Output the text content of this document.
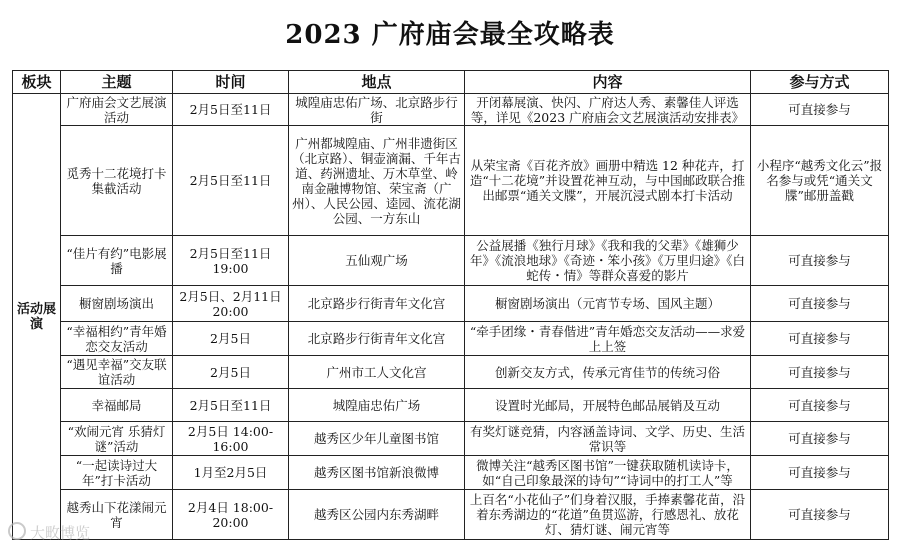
2023 广府庙会最全攻略表
板块	主题	时间	地点	内容	参与方式
活动展演	广府庙会文艺展演活动	2月5日至11日	城隍庙忠佑广场、北京路步行街	开闭幕展演、快闪、广府达人秀、素馨佳人评选等，详见《2023 广府庙会文艺展演活动安排表》	可直接参与
	觅秀十二花境打卡集截活动	2月5日至11日	广州都城隍庙、广州非遗街区（北京路）、铜壶滴漏、千年古道、药洲遗址、万木草堂、岭南金融博物馆、荣宝斋（广州）、人民公园、逵园、流花湖公园、一方东山	从荣宝斋《百花齐放》画册中精选 12 种花卉，打造“十二花境”并设置花神互动，与中国邮政联合推出邮票“通关文牒”，开展沉浸式剧本打卡活动	小程序“越秀文化云”报名参与或凭“通关文牒”邮册盖戳
	“佳片有约”电影展播	2月5日至11日 19:00	五仙观广场	公益展播《独行月球》《我和我的父辈》《雄狮少年》《流浪地球》《奇迹・笨小孩》《万里归途》《白蛇传・情》等群众喜爱的影片	可直接参与
	橱窗剧场演出	2月5日、2月11日 20:00	北京路步行街青年文化宫	橱窗剧场演出（元宵节专场、国风主题）	可直接参与
	“幸福相约”青年婚恋交友活动	2月5日	北京路步行街青年文化宫	“牵手团缘・青春偕进”青年婚恋交友活动——求爱上上签	可直接参与
	“遇见幸福”交友联谊活动	2月5日	广州市工人文化宫	创新交友方式，传承元宵佳节的传统习俗	可直接参与
	幸福邮局	2月5日至11日	城隍庙忠佑广场	设置时光邮局，开展特色邮品展销及互动	可直接参与
	“欢闹元宵 乐猜灯谜”活动	2月5日 14:00-16:00	越秀区少年儿童图书馆	有奖灯谜竞猜，内容涵盖诗词、文学、历史、生活常识等	可直接参与
	“一起读诗过大年”打卡活动	1月至2月5日	越秀区图书馆新浪微博	微博关注“越秀区图书馆”一键获取随机读诗卡，如“自己印象最深的诗句”“诗词中的打工人”等	可直接参与
	越秀山下花漾闹元宵	2月4日 18:00-20:00	越秀区公园内东秀湖畔	上百名“小花仙子”们身着汉服，手捧素馨花苗，沿着东秀湖边的“花道”鱼贯巡游，行感恩礼、放花灯、猜灯谜、闹元宵等	可直接参与
大畋博览
